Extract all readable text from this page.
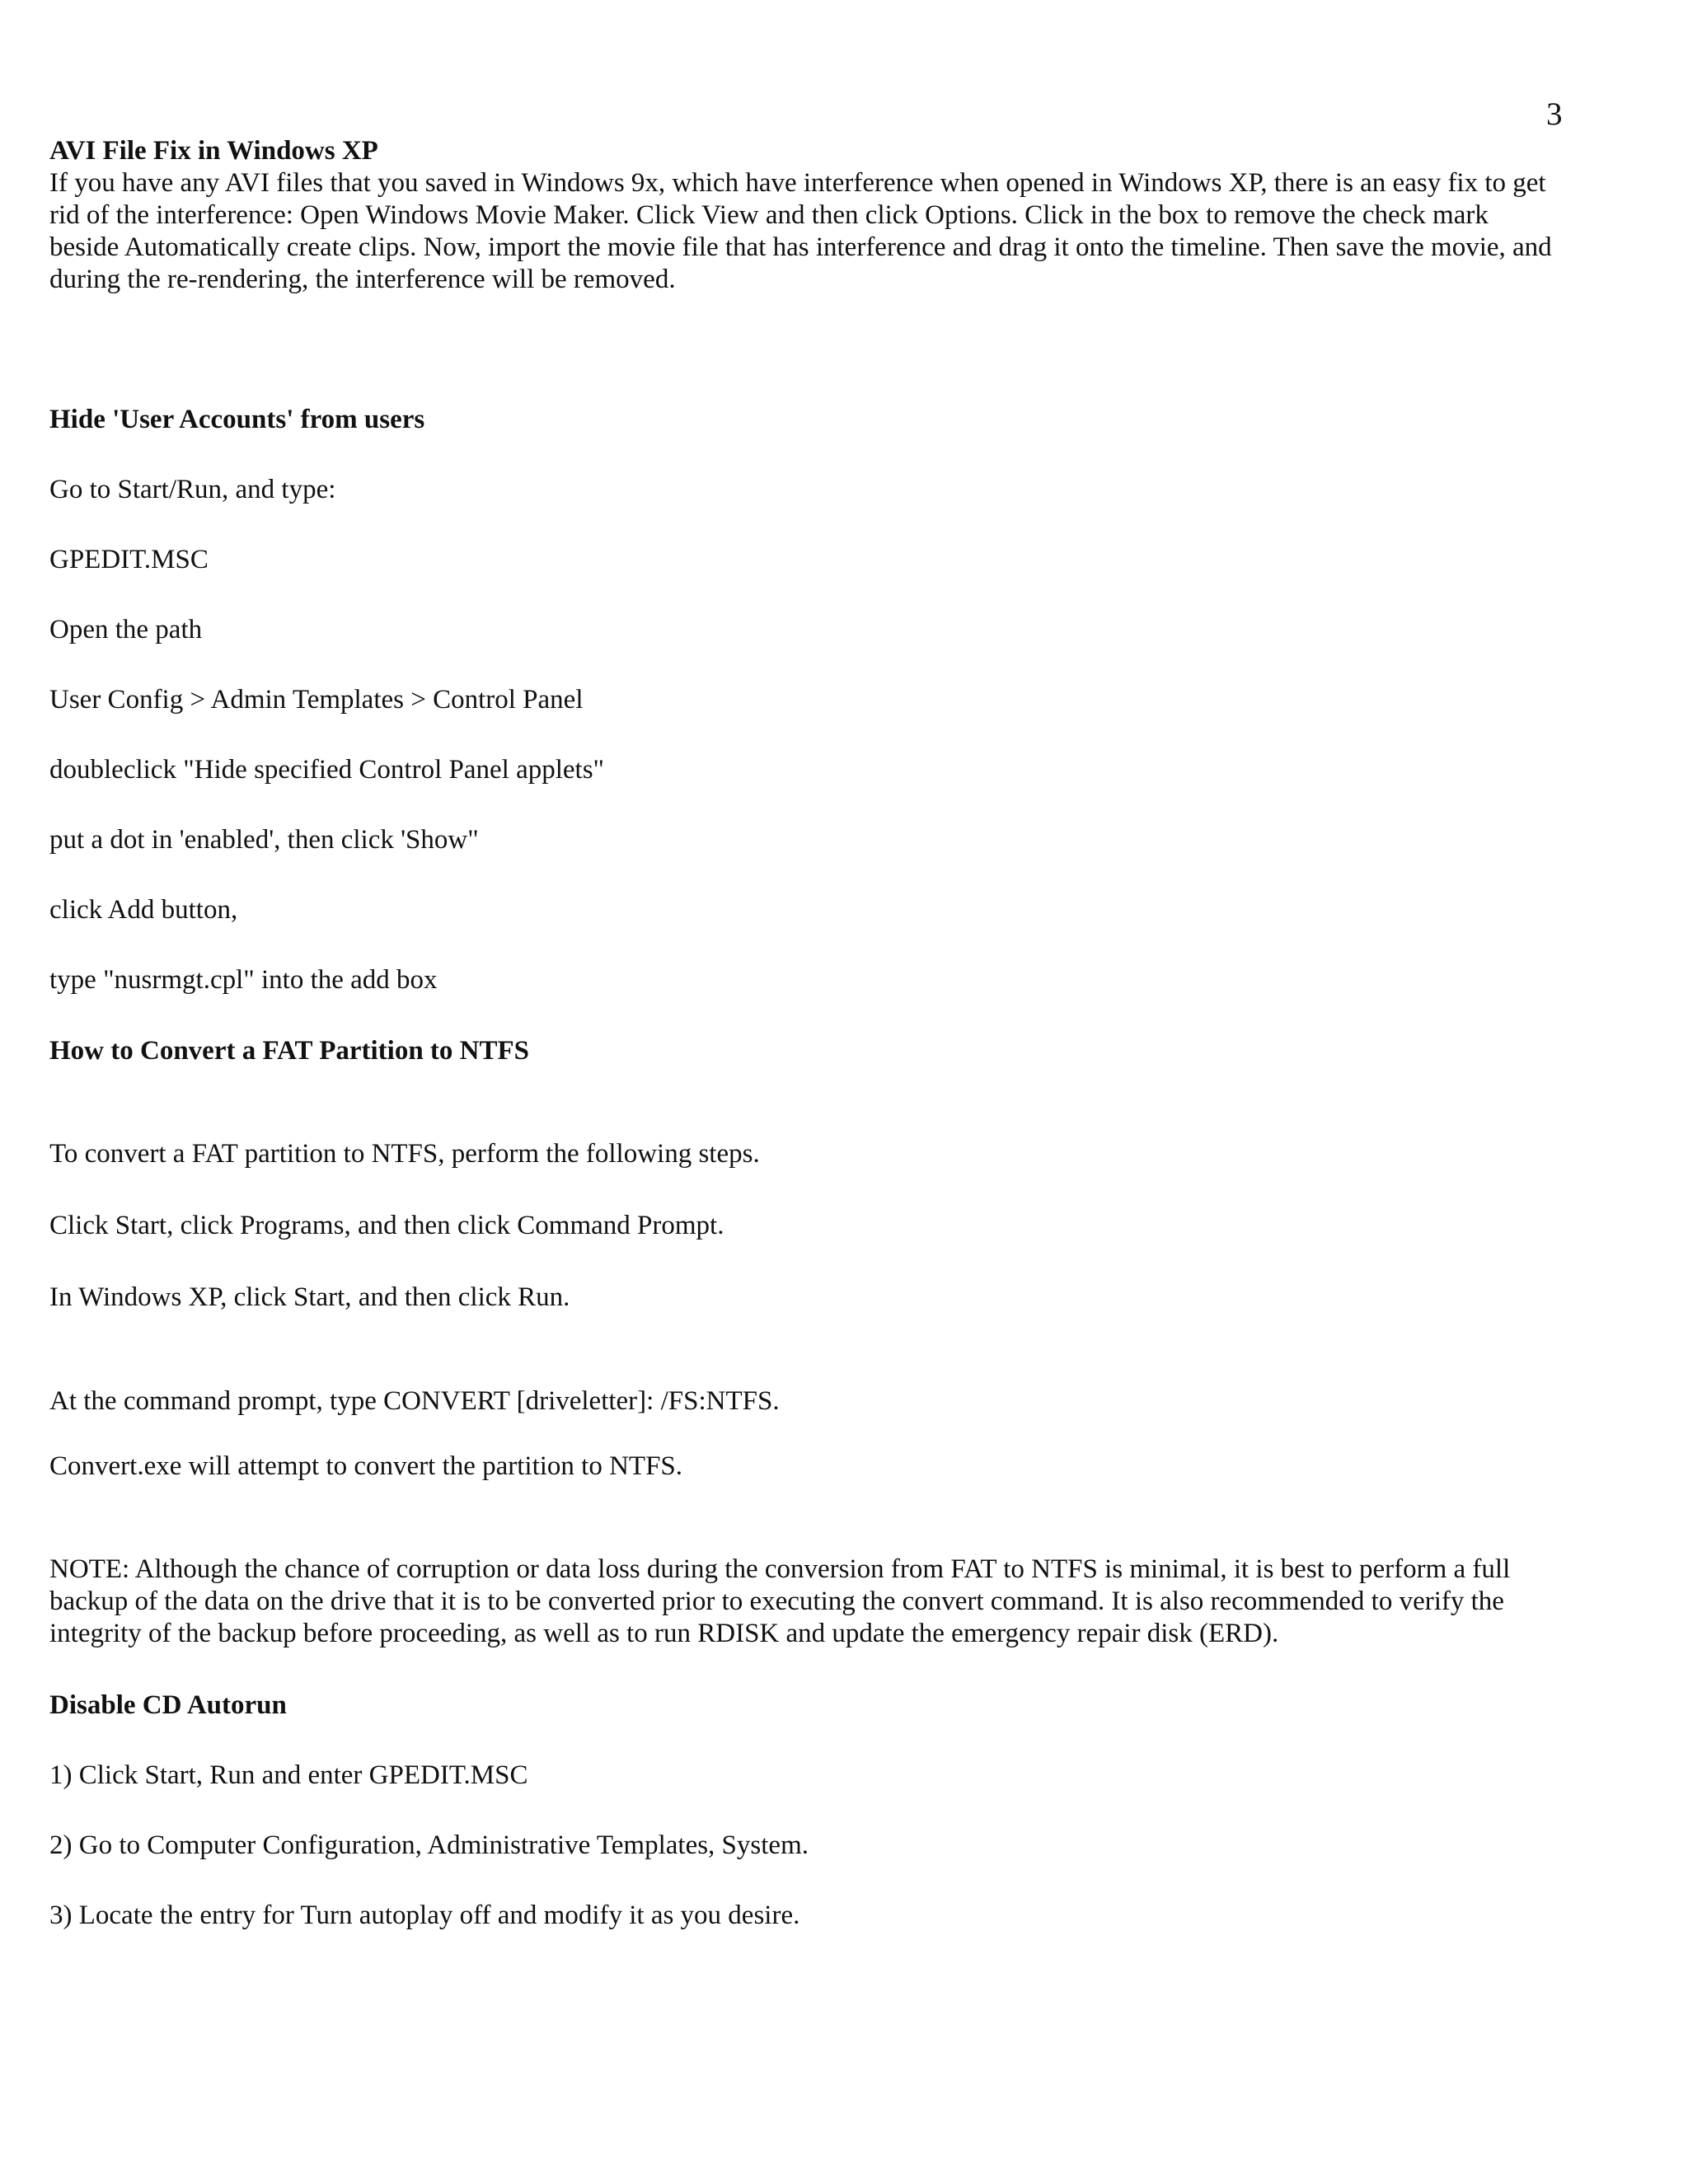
3

AVI File Fix in Windows XP

If you have any AVI files that you saved in Windows 9x, which have interference when opened in Windows XP, there is an easy fix to get
rid of the interference: Open Windows Movie Maker. Click View and then click Options. Click in the box to remove the check mark
beside Automatically create clips. Now, import the movie file that has interference and drag it onto the timeline. Then save the movie, and
during the re-rendering, the interference will be removed.

Hide 'User Accounts' from users

Go to Start/Run, and type:

GPEDIT.MSC

Open the path

User Config > Admin Templates > Control Panel

doubleclick "Hide specified Control Panel applets"

put a dot in 'enabled', then click 'Show"

click Add button,

type "nusrmgt.cpl" into the add box

How to Convert a FAT Partition to NTFS

To convert a FAT partition to NTFS, perform the following steps.

Click Start, click Programs, and then click Command Prompt.

In Windows XP, click Start, and then click Run.

At the command prompt, type CONVERT [driveletter]: /FS:NTFS.

Convert.exe will attempt to convert the partition to NTFS.

NOTE: Although the chance of corruption or data loss during the conversion from FAT to NTFS is minimal, it is best to perform a full
backup of the data on the drive that it is to be converted prior to executing the convert command. It is also recommended to verify the
integrity of the backup before proceeding, as well as to run RDISK and update the emergency repair disk (ERD).

Disable CD Autorun

1) Click Start, Run and enter GPEDIT.MSC

2) Go to Computer Configuration, Administrative Templates, System.

3) Locate the entry for Turn autoplay off and modify it as you desire.
